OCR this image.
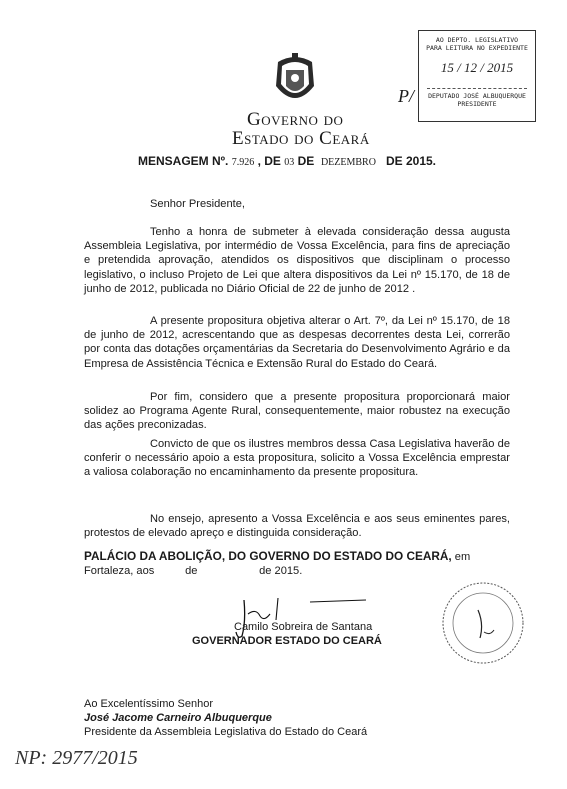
Governo do
Estado do Ceará
AO DEPTO. LEGISLATIVO
PARA LEITURA NO EXPEDIENTE
15 / 12 / 2015
DEPUTADO JOSÉ ALBUQUERQUE
PRESIDENTE
P/
MENSAGEM Nº. 7.926 , DE 03 DE DEZEMBRO DE 2015.
Senhor Presidente,
Tenho a honra de submeter à elevada consideração dessa augusta Assembleia Legislativa, por intermédio de Vossa Excelência, para fins de apreciação e pretendida aprovação, atendidos os dispositivos que disciplinam o processo legislativo, o incluso Projeto de Lei que altera dispositivos da Lei nº 15.170, de 18 de junho de 2012, publicada no Diário Oficial de 22 de junho de 2012 .
A presente propositura objetiva alterar o Art. 7º, da Lei nº 15.170, de 18 de junho de 2012, acrescentando que as despesas decorrentes desta Lei, correrão por conta das dotações orçamentárias da Secretaria do Desenvolvimento Agrário e da Empresa de Assistência Técnica e Extensão Rural do Estado do Ceará.
Por fim, considero que a presente propositura proporcionará maior solidez ao Programa Agente Rural, consequentemente, maior robustez na execução das ações preconizadas.
Convicto de que os ilustres membros dessa Casa Legislativa haverão de conferir o necessário apoio a esta propositura, solicito a Vossa Excelência emprestar a valiosa colaboração no encaminhamento da presente propositura.
No ensejo, apresento a Vossa Excelência e aos seus eminentes pares, protestos de elevado apreço e distinguida consideração.
PALÁCIO DA ABOLIÇÃO, DO GOVERNO DO ESTADO DO CEARÁ, em
Fortaleza, aos          de                    de 2015.
Camilo Sobreira de Santana
GOVERNADOR ESTADO DO CEARÁ
Ao Excelentíssimo Senhor
José Jacome Carneiro Albuquerque
Presidente da Assembleia Legislativa do Estado do Ceará
NP: 2977/2015
